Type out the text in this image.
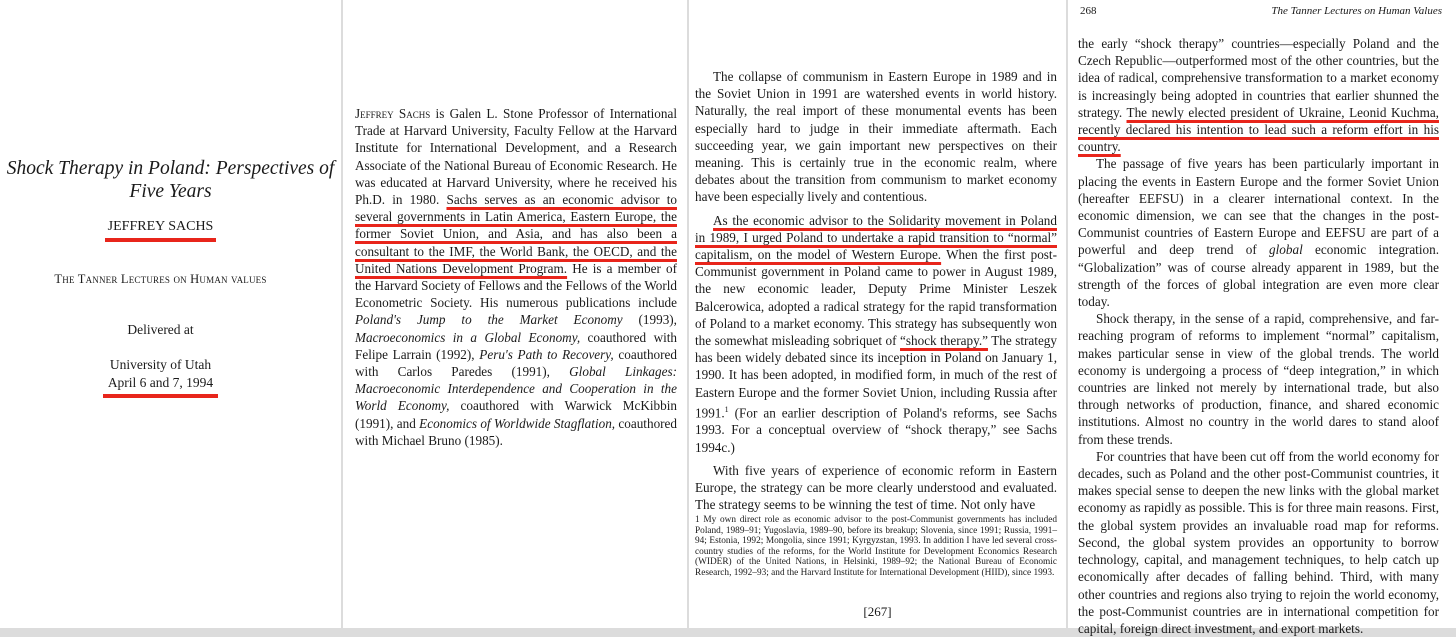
Shock Therapy in Poland: Perspectives of Five Years
JEFFREY SACHS
The Tanner Lectures on Human values
Delivered at
University of Utah
April 6 and 7, 1994
Jeffrey Sachs is Galen L. Stone Professor of International Trade at Harvard University, Faculty Fellow at the Harvard Institute for International Development, and a Research Associate of the National Bureau of Economic Research. He was educated at Harvard University, where he received his Ph.D. in 1980. Sachs serves as an economic advisor to several governments in Latin America, Eastern Europe, the former Soviet Union, and Asia, and has also been a consultant to the IMF, the World Bank, the OECD, and the United Nations Development Program. He is a member of the Harvard Society of Fellows and the Fellows of the World Econometric Society. His numerous publications include Poland's Jump to the Market Economy (1993), Macroeconomics in a Global Economy, coauthored with Felipe Larrain (1992), Peru's Path to Recovery, coauthored with Carlos Paredes (1991), Global Linkages: Macroeconomic Interdependence and Cooperation in the World Economy, coauthored with Warwick McKibbin (1991), and Economics of Worldwide Stagflation, coauthored with Michael Bruno (1985).

The collapse of communism in Eastern Europe in 1989 and in the Soviet Union in 1991 are watershed events in world history. Naturally, the real import of these monumental events has been especially hard to judge in their immediate aftermath. Each succeeding year, we gain important new perspectives on their meaning. This is certainly true in the economic realm, where debates about the transition from communism to market economy have been especially lively and contentious.

As the economic advisor to the Solidarity movement in Poland in 1989, I urged Poland to undertake a rapid transition to “normal” capitalism, on the model of Western Europe. When the first post-Communist government in Poland came to power in August 1989, the new economic leader, Deputy Prime Minister Leszek Balcerowica, adopted a radical strategy for the rapid transformation of Poland to a market economy. This strategy has subsequently won the somewhat misleading sobriquet of “shock therapy.” The strategy has been widely debated since its inception in Poland on January 1, 1990. It has been adopted, in modified form, in much of the rest of Eastern Europe and the former Soviet Union, including Russia after 1991.$^1$ (For an earlier description of Poland's reforms, see Sachs 1993. For a conceptual overview of “shock therapy,” see Sachs 1994c.)

With five years of experience of economic reform in Eastern Europe, the strategy can be more clearly understood and evaluated. The strategy seems to be winning the test of time. Not only have

1 My own direct role as economic advisor to the post-Communist governments has included Poland, 1989–91; Yugoslavia, 1989–90, before its breakup; Slovenia, since 1991; Russia, 1991–94; Estonia, 1992; Mongolia, since 1991; Kyrgyzstan, 1993. In addition I have led several cross-country studies of the reforms, for the World Institute for Development Economics Research (WIDER) of the United Nations, in Helsinki, 1989–92; the National Bureau of Economic Research, 1992–93; and the Harvard Institute for International Development (HIID), since 1993.
[267]
268	The Tanner Lectures on Human Values

the early “shock therapy” countries—especially Poland and the Czech Republic—outperformed most of the other countries, but the idea of radical, comprehensive transformation to a market economy is increasingly being adopted in countries that earlier shunned the strategy. The newly elected president of Ukraine, Leonid Kuchma, recently declared his intention to lead such a reform effort in his country.

The passage of five years has been particularly important in placing the events in Eastern Europe and the former Soviet Union (hereafter EEFSU) in a clearer international context. In the economic dimension, we can see that the changes in the post-Communist countries of Eastern Europe and EEFSU are part of a powerful and deep trend of global economic integration. “Globalization” was of course already apparent in 1989, but the strength of the forces of global integration are even more clear today.

Shock therapy, in the sense of a rapid, comprehensive, and far-reaching program of reforms to implement “normal” capitalism, makes particular sense in view of the global trends. The world economy is undergoing a process of “deep integration,” in which countries are linked not merely by international trade, but also through networks of production, finance, and shared economic institutions. Almost no country in the world dares to stand aloof from these trends.

For countries that have been cut off from the world economy for decades, such as Poland and the other post-Communist countries, it makes special sense to deepen the new links with the global market economy as rapidly as possible. This is for three main reasons. First, the global system provides an invaluable road map for reforms. Second, the global system provides an opportunity to borrow technology, capital, and management techniques, to help catch up economically after decades of falling behind. Third, with many other countries and regions also trying to rejoin the world economy, the post-Communist countries are in international competition for capital, foreign direct investment, and export markets.
